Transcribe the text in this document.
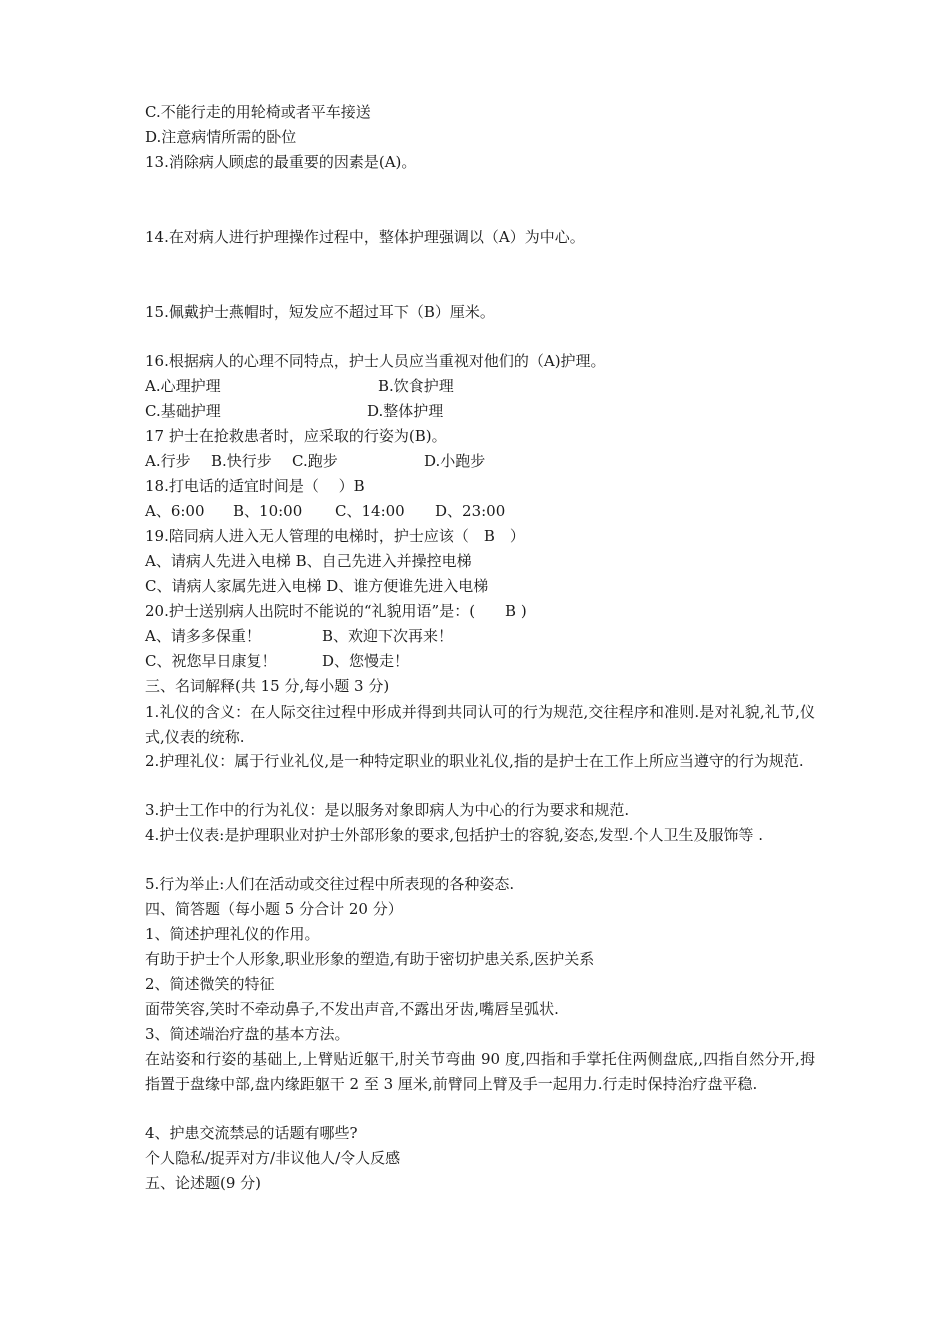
C.不能行走的用轮椅或者平车接送
D.注意病情所需的卧位
13.消除病人顾虑的最重要的因素是(A)。
14.在对病人进行护理操作过程中，整体护理强调以（A）为中心。
15.佩戴护士燕帽时，短发应不超过耳下（B）厘米。
16.根据病人的心理不同特点，护士人员应当重视对他们的（A)护理。
A.心理护理	B.饮食护理
C.基础护理	D.整体护理
17 护士在抢救患者时，应采取的行姿为(B)。
A.行步 B.快行步 C.跑步	D.小跑步
18.打电话的适宜时间是（　 ）B
A、6:00 B、10:00 C、14:00 D、23:00
19.陪同病人进入无人管理的电梯时，护士应该（　B　）
A、请病人先进入电梯 B、自己先进入并操控电梯
C、请病人家属先进入电梯 D、谁方便谁先进入电梯
20.护士送别病人出院时不能说的“礼貌用语”是：(　　B )
A、请多多保重！	B、欢迎下次再来！
C、祝您早日康复！	D、您慢走！
三、名词解释(共 15 分,每小题 3 分)
1.礼仪的含义：在人际交往过程中形成并得到共同认可的行为规范,交往程序和准则.是对礼貌,礼节,仪式,仪表的统称.
2.护理礼仪：属于行业礼仪,是一种特定职业的职业礼仪,指的是护士在工作上所应当遵守的行为规范.
3.护士工作中的行为礼仪：是以服务对象即病人为中心的行为要求和规范.
4.护士仪表:是护理职业对护士外部形象的要求,包括护士的容貌,姿态,发型.个人卫生及服饰等 .
5.行为举止:人们在活动或交往过程中所表现的各种姿态.
四、简答题（每小题 5 分合计 20 分）
1、简述护理礼仪的作用。
有助于护士个人形象,职业形象的塑造,有助于密切护患关系,医护关系
2、简述微笑的特征
面带笑容,笑时不牵动鼻子,不发出声音,不露出牙齿,嘴唇呈弧状.
3、简述端治疗盘的基本方法。
在站姿和行姿的基础上,上臂贴近躯干,肘关节弯曲 90 度,四指和手掌托住两侧盘底,,四指自然分开,拇指置于盘缘中部,盘内缘距躯干 2 至 3 厘米,前臂同上臂及手一起用力.行走时保持治疗盘平稳.
4、护患交流禁忌的话题有哪些?
个人隐私/捉弄对方/非议他人/令人反感
五、论述题(9 分)
